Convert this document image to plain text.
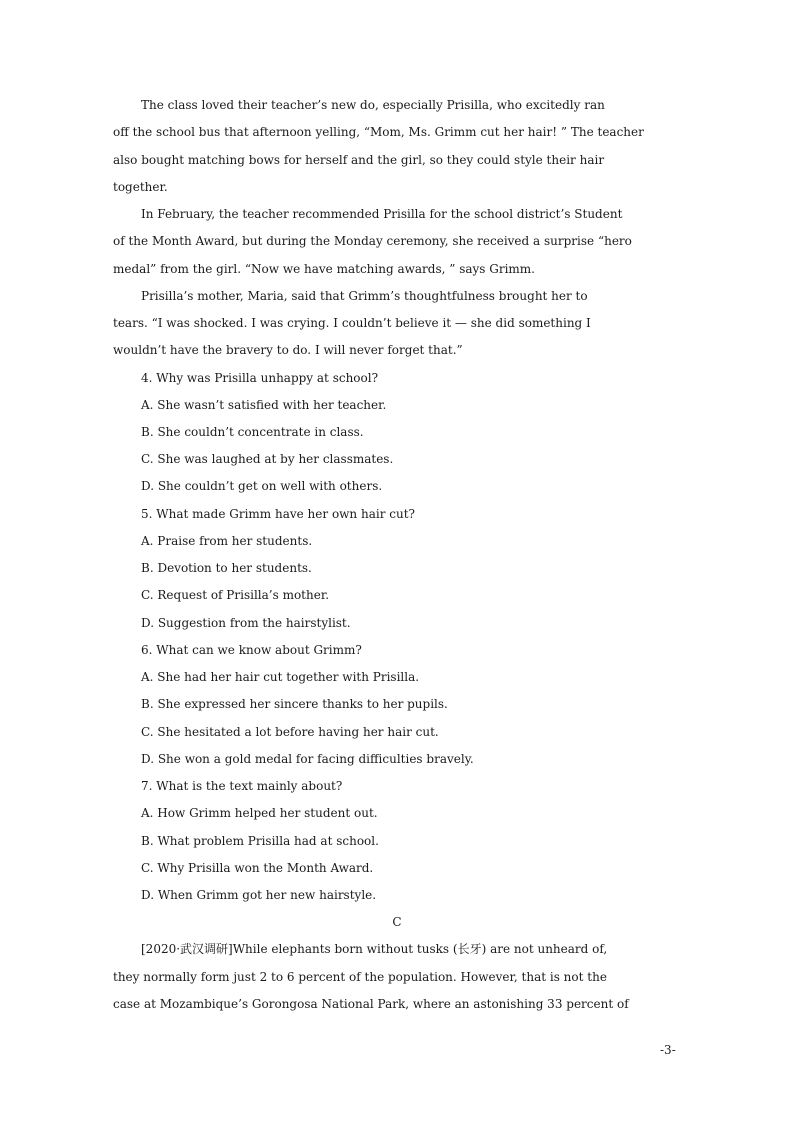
The class loved their teacher’s new do, especially Prisilla, who excitedly ran
off the school bus that afternoon yelling, “Mom, Ms. Grimm cut her hair! ” The teacher
also bought matching bows for herself and the girl, so they could style their hair
together.
In February, the teacher recommended Prisilla for the school district’s Student
of the Month Award, but during the Monday ceremony, she received a surprise “hero
medal” from the girl. “Now we have matching awards, ” says Grimm.
Prisilla’s mother, Maria, said that Grimm’s thoughtfulness brought her to
tears. “I was shocked. I was crying. I couldn’t believe it — she did something I
wouldn’t have the bravery to do. I will never forget that.”
4. Why was Prisilla unhappy at school?
A. She wasn’t satisfied with her teacher.
B. She couldn’t concentrate in class.
C. She was laughed at by her classmates.
D. She couldn’t get on well with others.
5. What made Grimm have her own hair cut?
A. Praise from her students.
B. Devotion to her students.
C. Request of Prisilla’s mother.
D. Suggestion from the hairstylist.
6. What can we know about Grimm?
A. She had her hair cut together with Prisilla.
B. She expressed her sincere thanks to her pupils.
C. She hesitated a lot before having her hair cut.
D. She won a gold medal for facing difficulties bravely.
7. What is the text mainly about?
A. How Grimm helped her student out.
B. What problem Prisilla had at school.
C. Why Prisilla won the Month Award.
D. When Grimm got her new hairstyle.
C
[2020·武汉调研]While elephants born without tusks (长牙) are not unheard of,
they normally form just 2 to 6 percent of the population. However, that is not the
case at Mozambique’s Gorongosa National Park, where an astonishing 33 percent of
-3-
